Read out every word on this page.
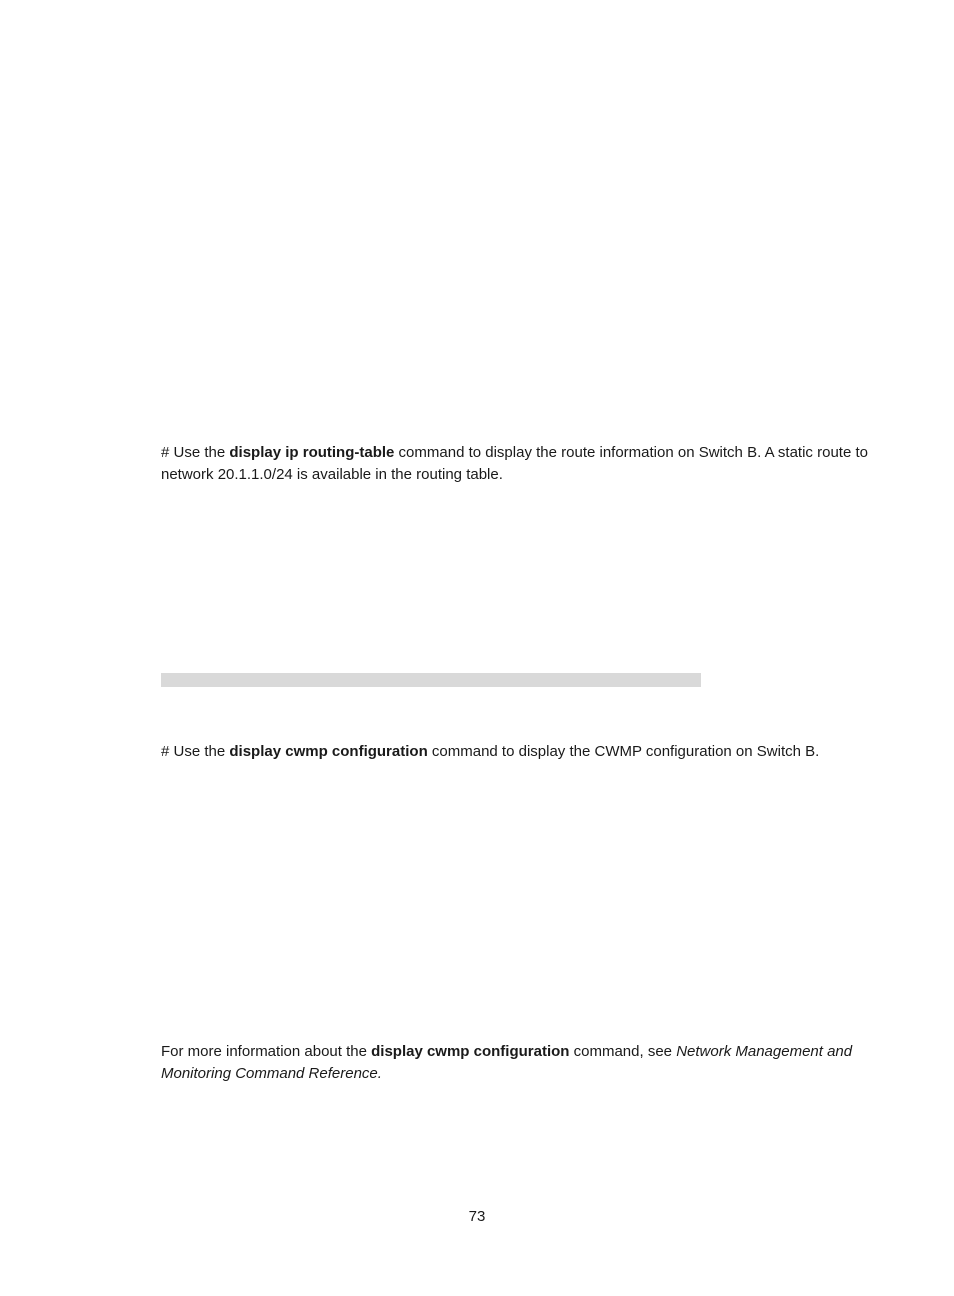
# Use the display ip routing-table command to display the route information on Switch B. A static route to network 20.1.1.0/24 is available in the routing table.

# Use the display cwmp configuration command to display the CWMP configuration on Switch B.

For more information about the display cwmp configuration command, see Network Management and Monitoring Command Reference.

73
